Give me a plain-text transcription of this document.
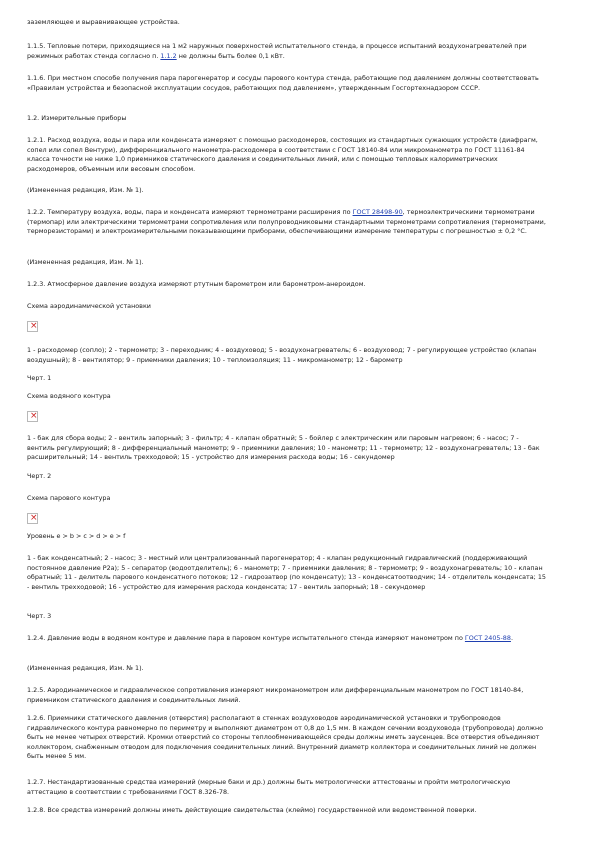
заземляющее и выравнивающее устройства.

1.1.5. Тепловые потери, приходящиеся на 1 м2 наружных поверхностей испытательного стенда, в процессе испытаний воздухонагревателей при режимных работах стенда согласно п. 1.1.2 не должны быть более 0,1 кВт.

1.1.6. При местном способе получения пара парогенератор и сосуды парового контура стенда, работающие под давлением должны соответствовать «Правилам устройства и безопасной эксплуатации сосудов, работающих под давлением», утвержденным Госгортехнадзором СССР.

1.2. Измерительные приборы

1.2.1. Расход воздуха, воды и пара или конденсата измеряют с помощью расходомеров, состоящих из стандартных сужающих устройств (диафрагм, сопел или сопел Вентури), дифференциального манометра-расходомера в соответствии с ГОСТ 18140-84 или микроманометра по ГОСТ 11161-84 класса точности не ниже 1,0 приемников статического давления и соединительных линий, или с помощью тепловых калориметрических расходомеров, объемным или весовым способом.

(Измененная редакция, Изм. № 1).

1.2.2. Температуру воздуха, воды, пара и конденсата измеряют термометрами расширения по ГОСТ 28498-90, термоэлектрическими термометрами (термопар) или электрическими термометрами сопротивления или полупроводниковыми стандартными термометрами сопротивления (термометрами, терморезисторами) и электроизмерительными показывающими приборами, обеспечивающими измерение температуры с погрешностью ± 0,2 °С.

(Измененная редакция, Изм. № 1).

1.2.3. Атмосферное давление воздуха измеряют ртутным барометром или барометром-анероидом.

Схема аэродинамической установки

×

1 - расходомер (сопло); 2 - термометр; 3 - переходник; 4 - воздуховод; 5 - воздухонагреватель; 6 - воздуховод; 7 - регулирующее устройство (клапан воздушный); 8 - вентилятор; 9 - приемники давления; 10 - теплоизоляция; 11 - микроманометр; 12 - барометр

Черт. 1

Схема водяного контура

×

1 - бак для сбора воды; 2 - вентиль запорный; 3 - фильтр; 4 - клапан обратный; 5 - бойлер с электрическим или паровым нагревом; 6 - насос; 7 - вентиль регулирующий; 8 - дифференциальный манометр; 9 - приемники давления; 10 - манометр; 11 - термометр; 12 - воздухонагреватель; 13 - бак расширительный; 14 - вентиль трехходовой; 15 - устройство для измерения расхода воды; 16 - секундомер

Черт. 2

Схема парового контура

×

Уровень е > b > c > d > e > f

1 - бак конденсатный; 2 - насос; 3 - местный или централизованный парогенератор; 4 - клапан редукционный гидравлический (поддерживающий постоянное давление P2a); 5 - сепаратор (водоотделитель); 6 - манометр; 7 - приемники давления; 8 - термометр; 9 - воздухонагреватель; 10 - клапан обратный; 11 - делитель парового конденсатного потоков; 12 - гидрозатвор (по конденсату); 13 - конденсатоотводчик; 14 - отделитель конденсата; 15 - вентиль трехходовой; 16 - устройство для измерения расхода конденсата; 17 - вентиль запорный; 18 - секундомер

Черт. 3

1.2.4. Давление воды в водяном контуре и давление пара в паровом контуре испытательного стенда измеряют манометром по ГОСТ 2405-88.

(Измененная редакция, Изм. № 1).

1.2.5. Аэродинамическое и гидравлическое сопротивления измеряют микроманометром или дифференциальным манометром по ГОСТ 18140-84, приемником статического давления и соединительных линий.

1.2.6. Приемники статического давления (отверстия) располагают в стенках воздуховодов аэродинамической установки и трубопроводов гидравлического контура равномерно по периметру и выполняют диаметром от 0,8 до 1,5 мм. В каждом сечении воздуховода (трубопровода) должно быть не менее четырех отверстий. Кромки отверстий со стороны теплообменивающейся среды должны иметь заусенцев. Все отверстия объединяют коллектором, снабженным отводом для подключения соединительных линий. Внутренний диаметр коллектора и соединительных линий не должен быть менее 5 мм.

1.2.7. Нестандартизованные средства измерений (мерные баки и др.) должны быть метрологически аттестованы и пройти метрологическую аттестацию в соответствии с требованиями ГОСТ 8.326-78.

1.2.8. Все средства измерений должны иметь действующие свидетельства (клеймо) государственной или ведомственной поверки.
